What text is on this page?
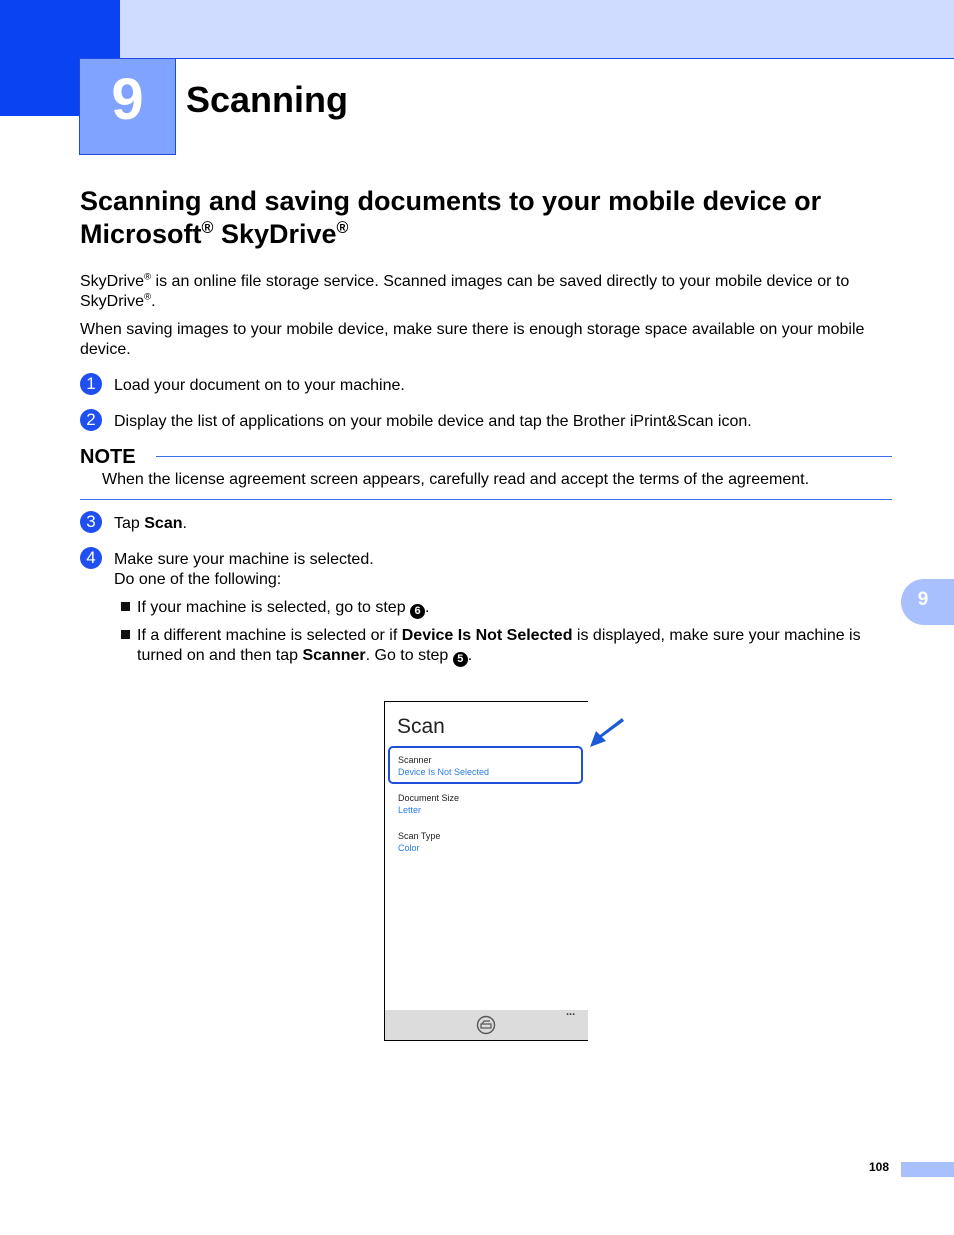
9	Scanning
Scanning and saving documents to your mobile device or Microsoft® SkyDrive®
SkyDrive® is an online file storage service. Scanned images can be saved directly to your mobile device or to SkyDrive®.
When saving images to your mobile device, make sure there is enough storage space available on your mobile device.
1	Load your document on to your machine.
2	Display the list of applications on your mobile device and tap the Brother iPrint&Scan icon.
NOTE
When the license agreement screen appears, carefully read and accept the terms of the agreement.
3	Tap Scan.
4	Make sure your machine is selected.
Do one of the following:
If your machine is selected, go to step 6 .
If a different machine is selected or if Device Is Not Selected is displayed, make sure your machine is turned on and then tap Scanner. Go to step 5 .
9
Scan
Scanner
Device Is Not Selected
Document Size
Letter
Scan Type
Color
...
108
